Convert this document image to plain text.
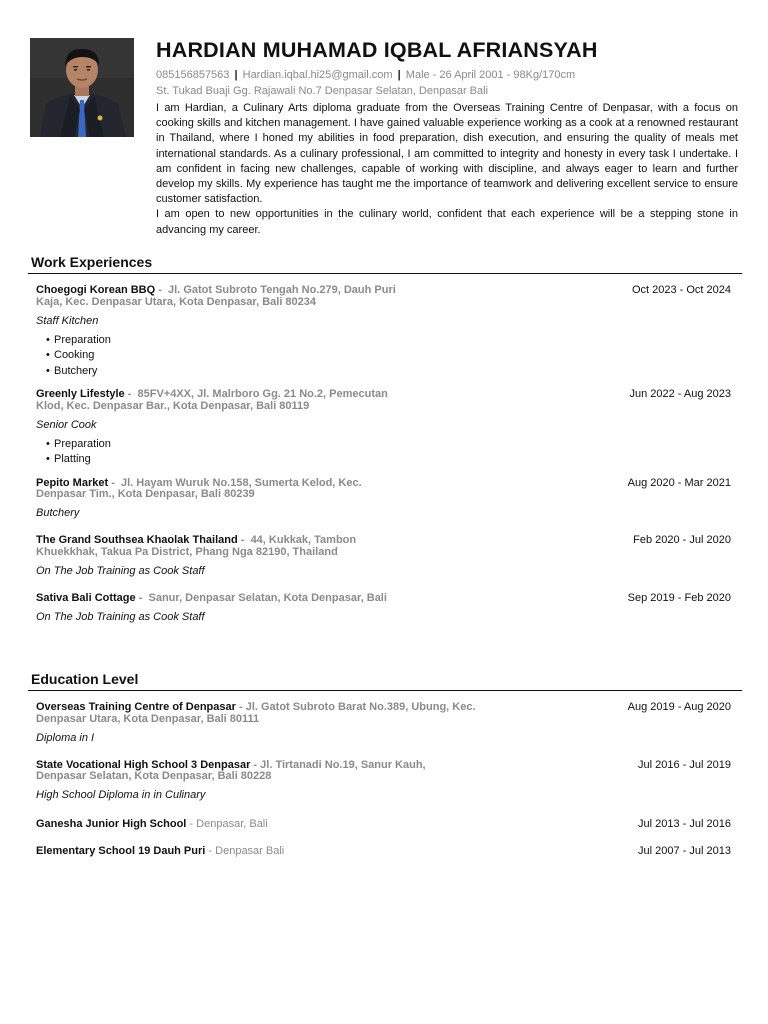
HARDIAN MUHAMAD IQBAL AFRIANSYAH
085156857563 | Hardian.iqbal.hi25@gmail.com | Male - 26 April 2001 - 98Kg/170cm
St. Tukad Buaji Gg. Rajawali No.7 Denpasar Selatan, Denpasar Bali

I am Hardian, a Culinary Arts diploma graduate from the Overseas Training Centre of Denpasar, with a focus on cooking skills and kitchen management. I have gained valuable experience working as a cook at a renowned restaurant in Thailand, where I honed my abilities in food preparation, dish execution, and ensuring the quality of meals met international standards. As a culinary professional, I am committed to integrity and honesty in every task I undertake. I am confident in facing new challenges, capable of working with discipline, and always eager to learn and further develop my skills. My experience has taught me the importance of teamwork and delivering excellent service to ensure customer satisfaction.

I am open to new opportunities in the culinary world, confident that each experience will be a stepping stone in advancing my career.

Work Experiences
Choegogi Korean BBQ - Jl. Gatot Subroto Tengah No.279, Dauh Puri Kaja, Kec. Denpasar Utara, Kota Denpasar, Bali 80234
Oct 2023 - Oct 2024
Staff Kitchen
• Preparation
• Cooking
• Butchery
Greenly Lifestyle - 85FV+4XX, Jl. Malrboro Gg. 21 No.2, Pemecutan Klod, Kec. Denpasar Bar., Kota Denpasar, Bali 80119
Jun 2022 - Aug 2023
Senior Cook
• Preparation
• Platting
Pepito Market - Jl. Hayam Wuruk No.158, Sumerta Kelod, Kec. Denpasar Tim., Kota Denpasar, Bali 80239
Aug 2020 - Mar 2021
Butchery
The Grand Southsea Khaolak Thailand - 44, Kukkak, Tambon Khuekkhak, Takua Pa District, Phang Nga 82190, Thailand
Feb 2020 - Jul 2020
On The Job Training as Cook Staff
Sativa Bali Cottage - Sanur, Denpasar Selatan, Kota Denpasar, Bali	Sep 2019 - Feb 2020
On The Job Training as Cook Staff
Education Level
Overseas Training Centre of Denpasar - Jl. Gatot Subroto Barat No.389, Ubung, Kec. Denpasar Utara, Kota Denpasar, Bali 80111
Aug 2019 - Aug 2020
Diploma in I
State Vocational High School 3 Denpasar - Jl. Tirtanadi No.19, Sanur Kauh, Denpasar Selatan, Kota Denpasar, Bali 80228
Jul 2016 - Jul 2019
High School Diploma in in Culinary
Ganesha Junior High School - Denpasar, Bali	Jul 2013 - Jul 2016
Elementary School 19 Dauh Puri - Denpasar Bali	Jul 2007 - Jul 2013
